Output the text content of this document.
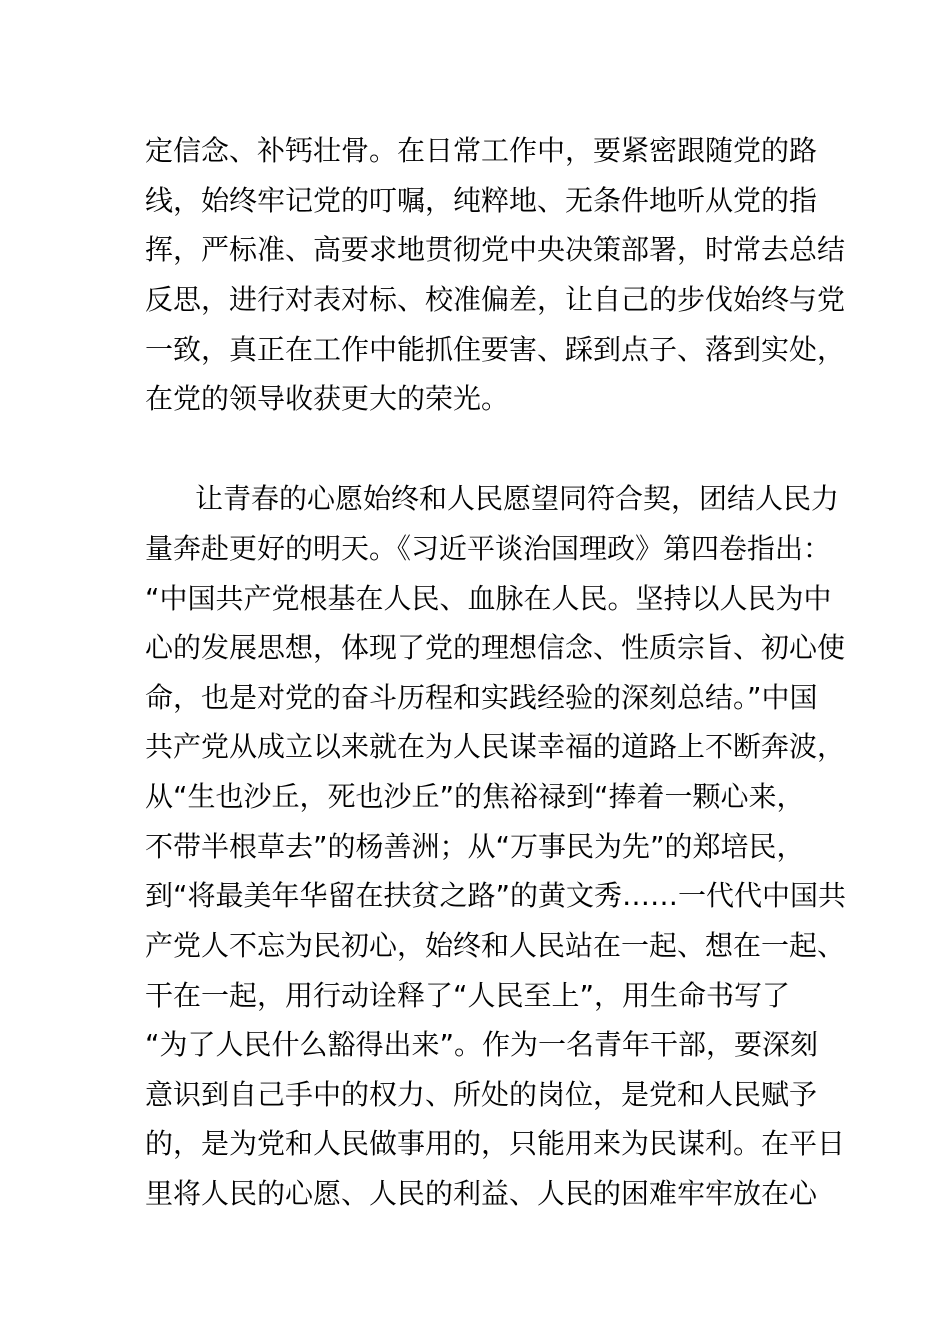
定信念、补钙壮骨。在日常工作中，要紧密跟随党的路
线，始终牢记党的叮嘱，纯粹地、无条件地听从党的指
挥，严标准、高要求地贯彻党中央决策部署，时常去总结
反思，进行对表对标、校准偏差，让自己的步伐始终与党
一致，真正在工作中能抓住要害、踩到点子、落到实处，
在党的领导收获更大的荣光。
让青春的心愿始终和人民愿望同符合契，团结人民力
量奔赴更好的明天。《习近平谈治国理政》第四卷指出：
“中国共产党根基在人民、血脉在人民。坚持以人民为中
心的发展思想，体现了党的理想信念、性质宗旨、初心使
命，也是对党的奋斗历程和实践经验的深刻总结。”中国
共产党从成立以来就在为人民谋幸福的道路上不断奔波，
从“生也沙丘，死也沙丘”的焦裕禄到“捧着一颗心来，
不带半根草去”的杨善洲；从“万事民为先”的郑培民，
到“将最美年华留在扶贫之路”的黄文秀……一代代中国共
产党人不忘为民初心，始终和人民站在一起、想在一起、
干在一起，用行动诠释了“人民至上”，用生命书写了
“为了人民什么豁得出来”。作为一名青年干部，要深刻
意识到自己手中的权力、所处的岗位，是党和人民赋予
的，是为党和人民做事用的，只能用来为民谋利。在平日
里将人民的心愿、人民的利益、人民的困难牢牢放在心
